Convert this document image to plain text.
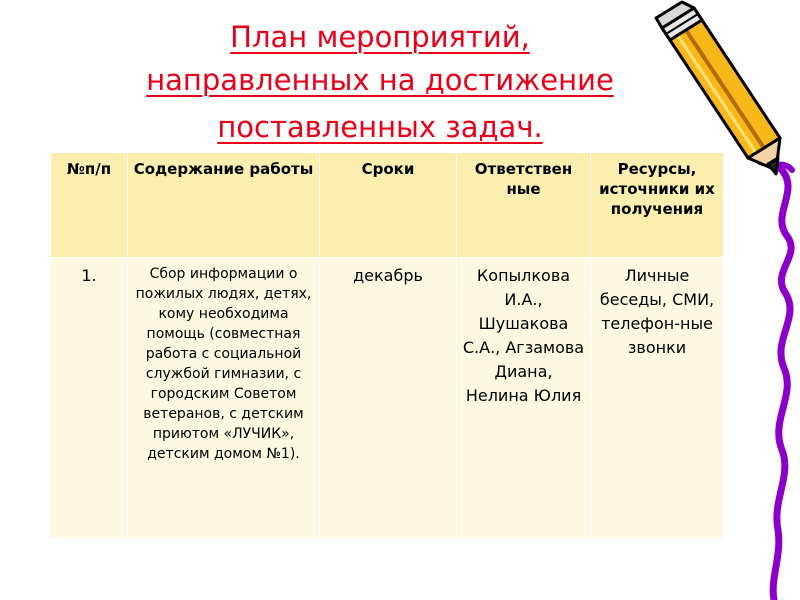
План мероприятий,
направленных на достижение
поставленных задач.
№п/п	Содержание работы	Сроки	Ответствен ные	Ресурсы, источники их получения
1.	Сбор информации о пожилых людях, детях, кому необходима помощь (совместная работа с социальной службой гимназии, с городским Советом ветеранов, с детским приютом «ЛУЧИК», детским домом №1).	декабрь	Копылкова И.А., Шушакова С.А., Агзамова Диана, Нелина Юлия	Личные беседы, СМИ, телефон-ные звонки
